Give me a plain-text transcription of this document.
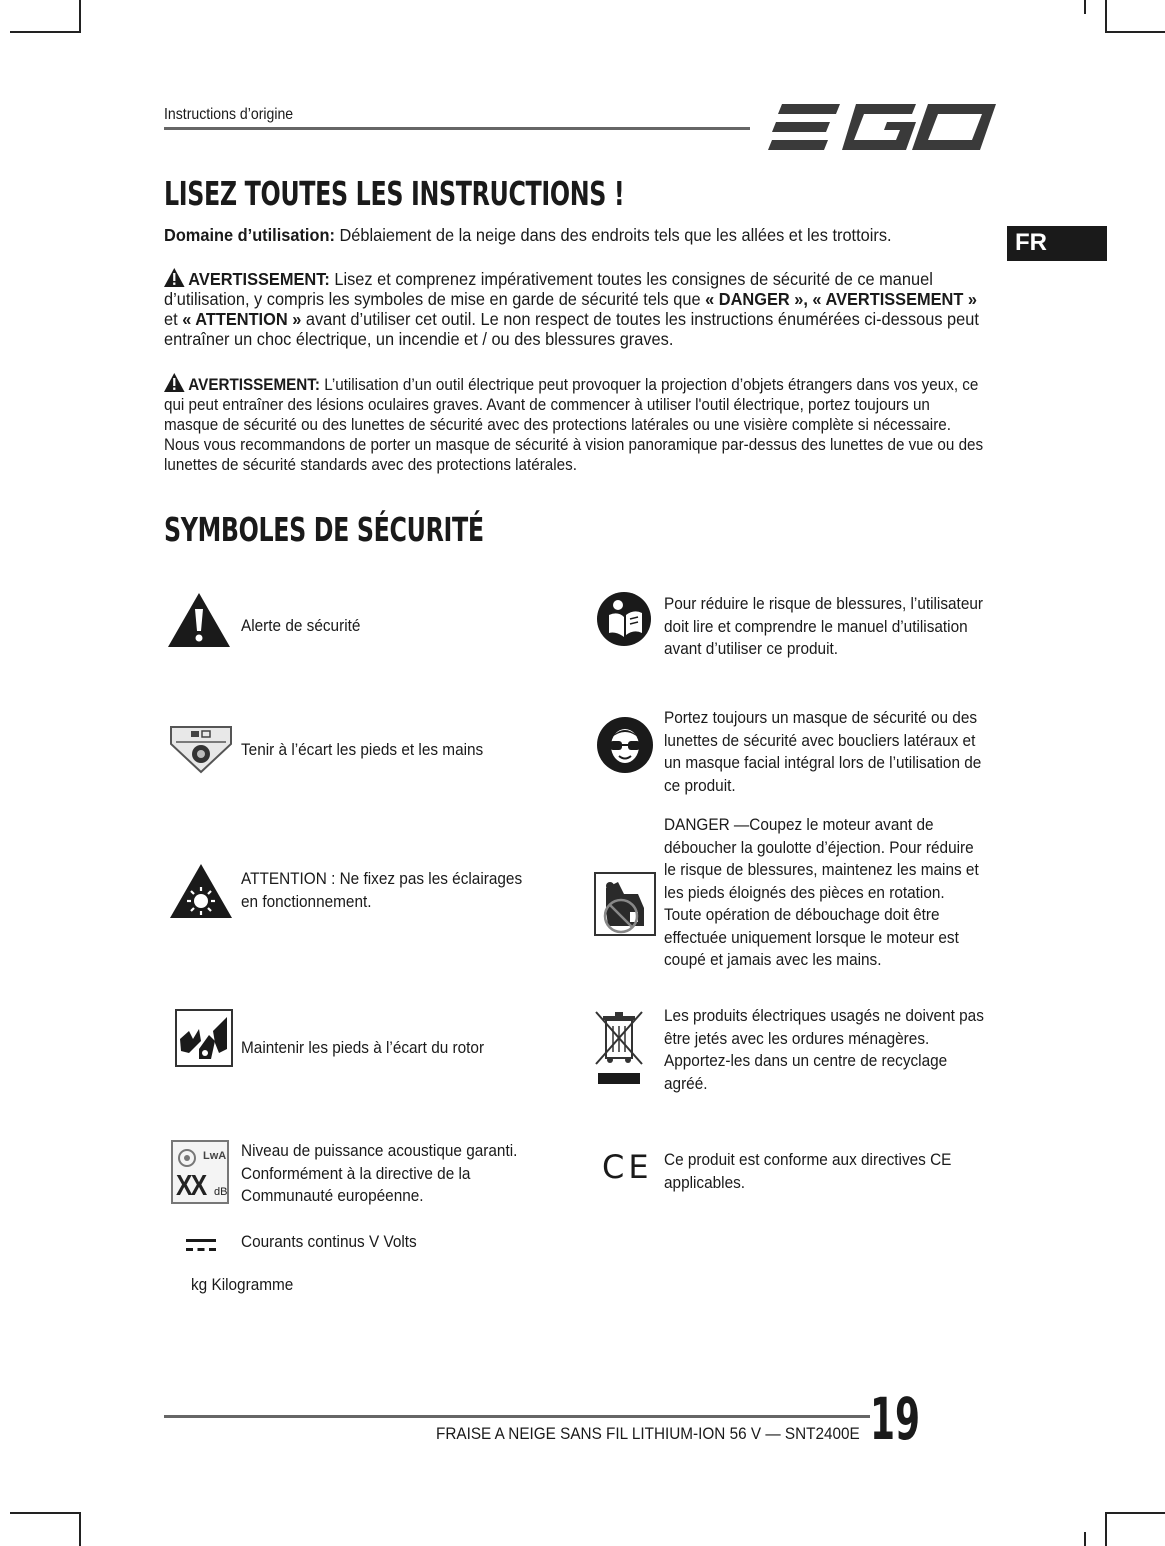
Instructions d’origine
FR
LISEZ TOUTES LES INSTRUCTIONS !
Domaine d’utilisation: Déblaiement de la neige dans des endroits tels que les allées et les trottoirs.
AVERTISSEMENT: Lisez et comprenez impérativement toutes les consignes de sécurité de ce manuel d’utilisation, y compris les symboles de mise en garde de sécurité tels que « DANGER », « AVERTISSEMENT » et « ATTENTION » avant d’utiliser cet outil. Le non respect de toutes les instructions énumérées ci-dessous peut entraîner un choc électrique, un incendie et / ou des blessures graves.
AVERTISSEMENT: L’utilisation d’un outil électrique peut provoquer la projection d’objets étrangers dans vos yeux, ce qui peut entraîner des lésions oculaires graves. Avant de commencer à utiliser l'outil électrique, portez toujours un masque de sécurité ou des lunettes de sécurité avec des protections latérales ou une visière complète si nécessaire. Nous vous recommandons de porter un masque de sécurité à vision panoramique par-dessus des lunettes de vue ou des lunettes de sécurité standards avec des protections latérales.
SYMBOLES DE SÉCURITÉ
Alerte de sécurité
Tenir à l’écart les pieds et les mains
ATTENTION : Ne fixez pas les éclairages en fonctionnement.
Maintenir les pieds à l’écart du rotor
LwA
XX dB
Niveau de puissance acoustique garanti. Conformément à la directive de la Communauté européenne.
Courants continus V Volts
kg Kilogramme
Pour réduire le risque de blessures, l’utilisateur doit lire et comprendre le manuel d’utilisation avant d’utiliser ce produit.
Portez toujours un masque de sécurité ou des lunettes de sécurité avec boucliers latéraux et un masque facial intégral lors de l’utilisation de ce produit.
DANGER —Coupez le moteur avant de déboucher la goulotte d’éjection. Pour réduire le risque de blessures, maintenez les mains et les pieds éloignés des pièces en rotation. Toute opération de débouchage doit être effectuée uniquement lorsque le moteur est coupé et jamais avec les mains.
Les produits électriques usagés ne doivent pas être jetés avec les ordures ménagères. Apportez-les dans un centre de recyclage agréé.
CE Ce produit est conforme aux directives CE applicables.
FRAISE A NEIGE SANS FIL LITHIUM-ION 56 V — SNT2400E 19
